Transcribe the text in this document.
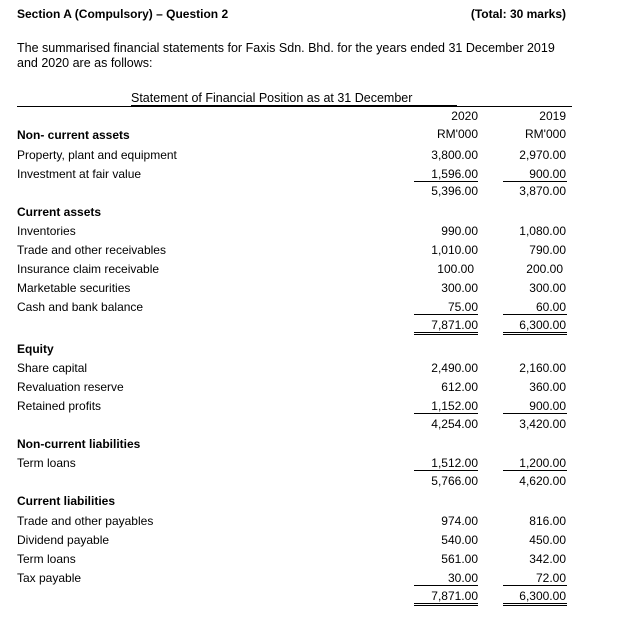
Section A (Compulsory) – Question 2	(Total: 30 marks)
The summarised financial statements for Faxis Sdn. Bhd. for the years ended 31 December 2019 and 2020 are as follows:
Statement of Financial Position as at 31 December
2020	2019
RM'000	RM'000
Non- current assets
Property, plant and equipment	3,800.00	2,970.00
Investment at fair value	1,596.00	900.00
5,396.00	3,870.00
Current assets
Inventories	990.00	1,080.00
Trade and other receivables	1,010.00	790.00
Insurance claim receivable	100.00	200.00
Marketable securities	300.00	300.00
Cash and bank balance	75.00	60.00
7,871.00	6,300.00
Equity
Share capital	2,490.00	2,160.00
Revaluation reserve	612.00	360.00
Retained profits	1,152.00	900.00
4,254.00	3,420.00
Non-current liabilities
Term loans	1,512.00	1,200.00
5,766.00	4,620.00
Current liabilities
Trade and other payables	974.00	816.00
Dividend payable	540.00	450.00
Term loans	561.00	342.00
Tax payable	30.00	72.00
7,871.00	6,300.00
